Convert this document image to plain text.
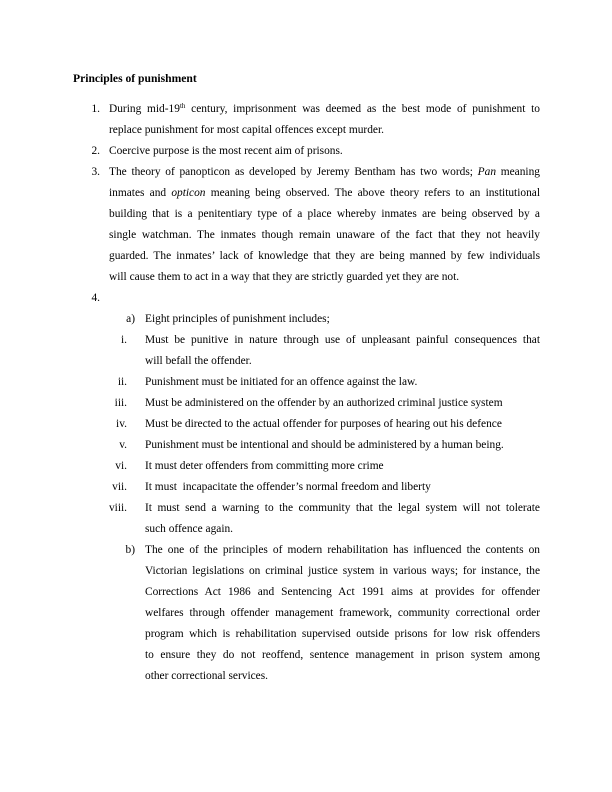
Principles of punishment
1. During mid-19th century, imprisonment was deemed as the best mode of punishment to
replace punishment for most capital offences except murder.
2. Coercive purpose is the most recent aim of prisons.
3. The theory of panopticon as developed by Jeremy Bentham has two words; Pan meaning
inmates and opticon meaning being observed. The above theory refers to an institutional
building that is a penitentiary type of a place whereby inmates are being observed by a
single watchman. The inmates though remain unaware of the fact that they not heavily
guarded. The inmates’ lack of knowledge that they are being manned by few individuals
will cause them to act in a way that they are strictly guarded yet they are not.
4.
a) Eight principles of punishment includes;
i. Must be punitive in nature through use of unpleasant painful consequences that
will befall the offender.
ii. Punishment must be initiated for an offence against the law.
iii. Must be administered on the offender by an authorized criminal justice system
iv. Must be directed to the actual offender for purposes of hearing out his defence
v. Punishment must be intentional and should be administered by a human being.
vi. It must deter offenders from committing more crime
vii. It must  incapacitate the offender’s normal freedom and liberty
viii. It must send a warning to the community that the legal system will not tolerate
such offence again.
b) The one of the principles of modern rehabilitation has influenced the contents on
Victorian legislations on criminal justice system in various ways; for instance, the
Corrections Act 1986 and Sentencing Act 1991 aims at provides for offender
welfares through offender management framework, community correctional order
program which is rehabilitation supervised outside prisons for low risk offenders
to ensure they do not reoffend, sentence management in prison system among
other correctional services.
